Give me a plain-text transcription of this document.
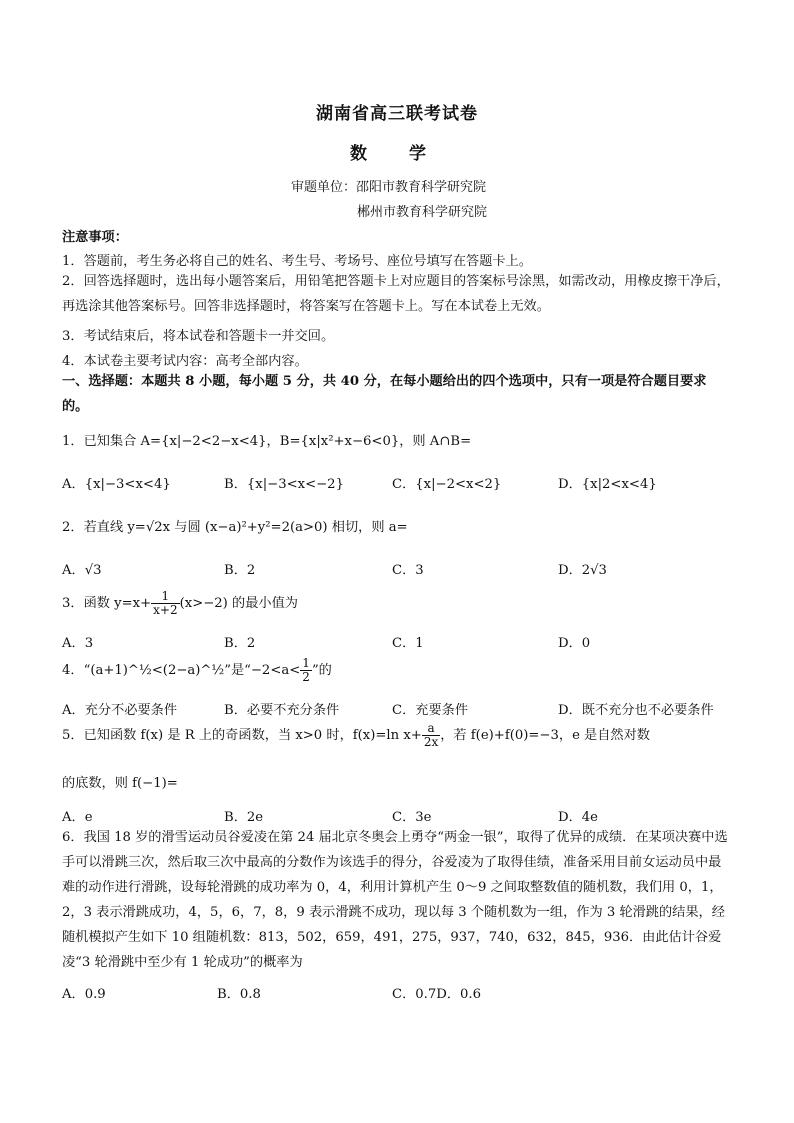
湖南省高三联考试卷
数 学
审题单位：邵阳市教育科学研究院
郴州市教育科学研究院
注意事项：
1．答题前，考生务必将自己的姓名、考生号、考场号、座位号填写在答题卡上。
2．回答选择题时，选出每小题答案后，用铅笔把答题卡上对应题目的答案标号涂黑，如需改动，用橡皮擦干净后，再选涂其他答案标号。回答非选择题时，将答案写在答题卡上。写在本试卷上无效。
3．考试结束后，将本试卷和答题卡一并交回。
4．本试卷主要考试内容：高考全部内容。
一、选择题：本题共 8 小题，每小题 5 分，共 40 分，在每小题给出的四个选项中，只有一项是符合题目要求的。
1．已知集合 A={x|−2<2−x<4}，B={x|x²+x−6<0}，则 A∩B=
A．{x|−3<x<4}	B．{x|−3<x<−2}	C．{x|−2<x<2}	D．{x|2<x<4}
2．若直线 y=√2x 与圆 (x−a)²+y²=2(a>0) 相切，则 a=
A．√3	B．2	C．3	D．2√3
3．函数 $y=x+ \frac{1}{x+2} (x>-2)$ 的最小值为
A．3	B．2	C．1	D．0
4．“(a+1)^½<(2−a)^½”是“$-2<a< \frac{1}{2}$ ”的
A．充分不必要条件	B．必要不充分条件	C．充要条件	D．既不充分也不必要条件
5．已知函数 f(x) 是 R 上的奇函数，当 x>0 时，f(x)=ln $x+ \frac{a}{2x}$ ，若 f(e)+f(0)=−3，e 是自然对数
的底数，则 f(−1)=
A．e	B．2e	C．3e	D．4e
6．我国 18 岁的滑雪运动员谷爱凌在第 24 届北京冬奥会上勇夺“两金一银”，取得了优异的成绩．在某项决赛中选手可以滑跳三次，然后取三次中最高的分数作为该选手的得分，谷爱凌为了取得佳绩，准备采用目前女运动员中最难的动作进行滑跳，设每轮滑跳的成功率为 0，4，利用计算机产生 0～9 之间取整数值的随机数，我们用 0，1，2，3 表示滑跳成功，4，5，6，7，8，9 表示滑跳不成功，现以每 3 个随机数为一组，作为 3 轮滑跳的结果，经随机模拟产生如下 10 组随机数：813，502，659，491，275，937，740，632，845，936．由此估计谷爱凌“3 轮滑跳中至少有 1 轮成功”的概率为
A．0.9	B．0.8	C．0.7D．0.6
